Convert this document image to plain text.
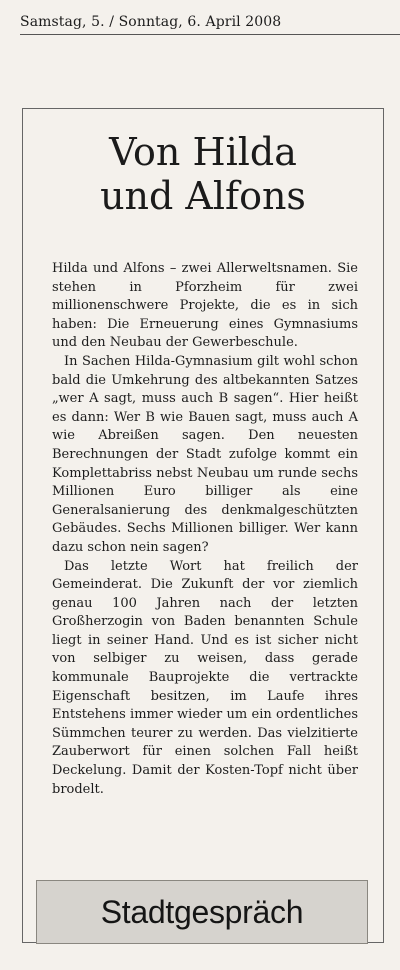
Samstag, 5. / Sonntag, 6. April 2008
Von Hilda
und Alfons

Hilda und Alfons – zwei Allerweltsnamen. Sie stehen in Pforzheim für zwei millionenschwere Projekte, die es in sich haben: Die Erneuerung eines Gymnasiums und den Neubau der Gewerbeschule.

In Sachen Hilda-Gymnasium gilt wohl schon bald die Umkehrung des altbekannten Satzes „wer A sagt, muss auch B sagen“. Hier heißt es dann: Wer B wie Bauen sagt, muss auch A wie Abreißen sagen. Den neuesten Berechnungen der Stadt zufolge kommt ein Komplettabriss nebst Neubau um runde sechs Millionen Euro billiger als eine Generalsanierung des denkmalgeschützten Gebäudes. Sechs Millionen billiger. Wer kann dazu schon nein sagen?

Das letzte Wort hat freilich der Gemeinderat. Die Zukunft der vor ziemlich genau 100 Jahren nach der letzten Großherzogin von Baden benannten Schule liegt in seiner Hand. Und es ist sicher nicht von selbiger zu weisen, dass gerade kommunale Bauprojekte die vertrackte Eigenschaft besitzen, im Laufe ihres Entstehens immer wieder um ein ordentliches Sümmchen teurer zu werden. Das vielzitierte Zauberwort für einen solchen Fall heißt Deckelung. Damit der Kosten-Topf nicht über brodelt.

Stadtgespräch
